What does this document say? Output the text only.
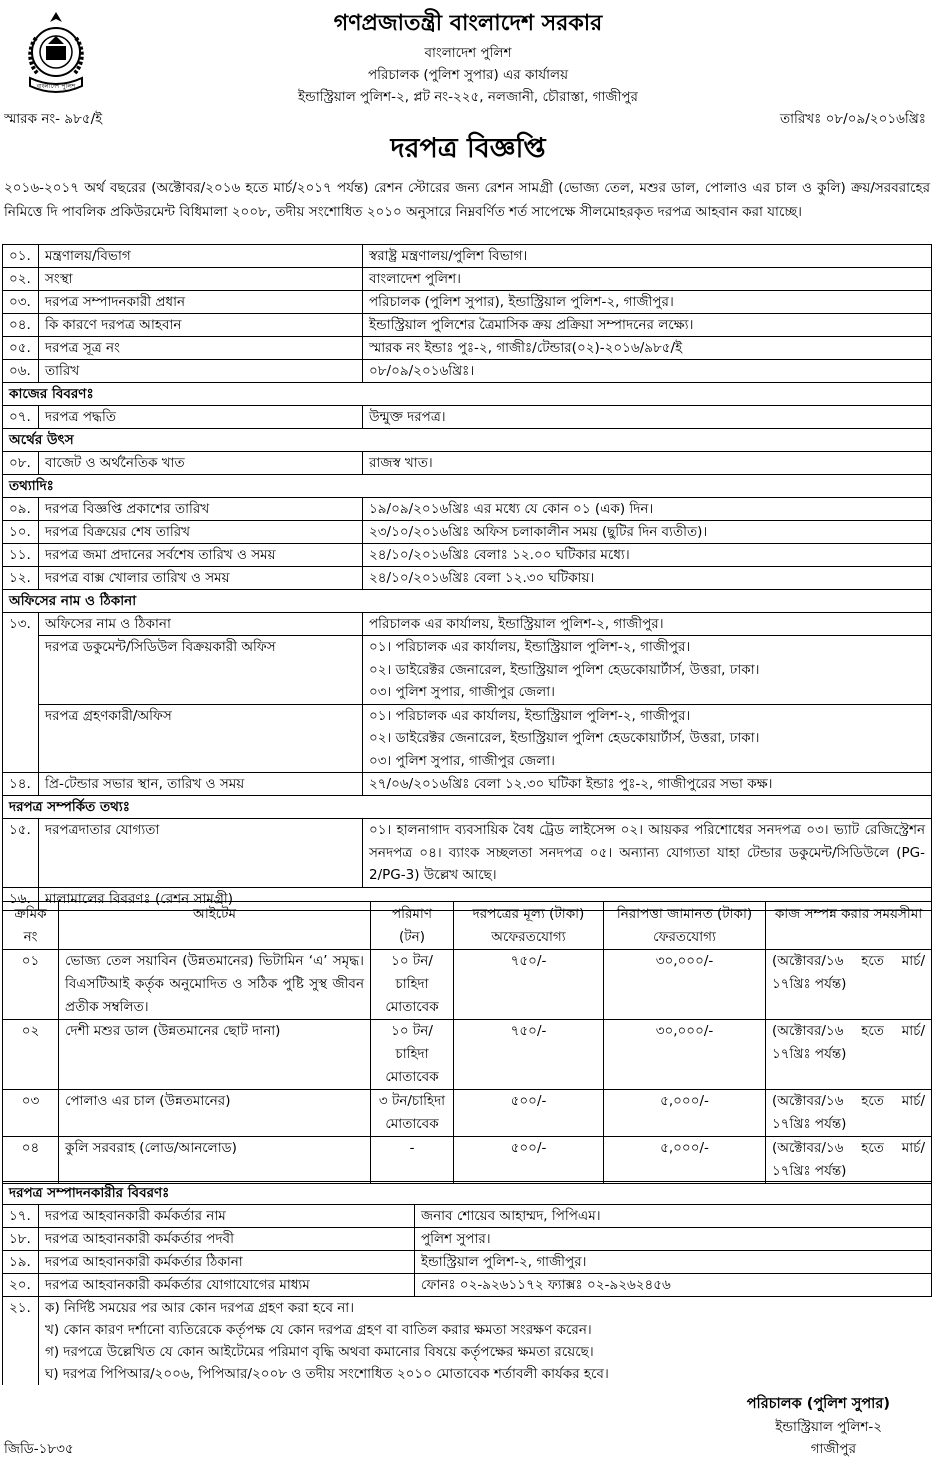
বাংলাদেশ পুলিশ
গণপ্রজাতন্ত্রী বাংলাদেশ সরকার
বাংলাদেশ পুলিশ
পরিচালক (পুলিশ সুপার) এর কার্যালয়
ইন্ডাস্ট্রিয়াল পুলিশ-২, প্লট নং-২২৫, নলজানী, চৌরাস্তা, গাজীপুর
স্মারক নং- ৯৮৫/ই	তারিখঃ ০৮/০৯/২০১৬খ্রিঃ
দরপত্র বিজ্ঞপ্তি
২০১৬-২০১৭ অর্থ বছরের (অক্টোবর/২০১৬ হতে মার্চ/২০১৭ পর্যন্ত) রেশন স্টোরের জন্য রেশন সামগ্রী (ভোজ্য তেল, মশুর ডাল, পোলাও এর চাল ও কুলি) ক্রয়/সরবরাহের নিমিত্তে দি পাবলিক প্রকিউরমেন্ট বিধিমালা ২০০৮, তদীয় সংশোধিত ২০১০ অনুসারে নিম্নবর্ণিত শর্ত সাপেক্ষে সীলমোহরকৃত দরপত্র আহবান করা যাচ্ছে।
০১.	মন্ত্রণালয়/বিভাগ	স্বরাষ্ট্র মন্ত্রণালয়/পুলিশ বিভাগ।
০২.	সংস্থা	বাংলাদেশ পুলিশ।
০৩.	দরপত্র সম্পাদনকারী প্রধান	পরিচালক (পুলিশ সুপার), ইন্ডাস্ট্রিয়াল পুলিশ-২, গাজীপুর।
০৪.	কি কারণে দরপত্র আহবান	ইন্ডাস্ট্রিয়াল পুলিশের ত্রৈমাসিক ক্রয় প্রক্রিয়া সম্পাদনের লক্ষ্যে।
০৫.	দরপত্র সূত্র নং	স্মারক নং ইন্ডাঃ পুঃ-২, গাজীঃ/টেন্ডার(০২)-২০১৬/৯৮৫/ই
০৬.	তারিখ	০৮/০৯/২০১৬খ্রিঃ।
কাজের বিবরণঃ		
০৭.	দরপত্র পদ্ধতি	উন্মুক্ত দরপত্র।
অর্থের উৎস		
০৮.	বাজেট ও অর্থনৈতিক খাত	রাজস্ব খাত।
তথ্যাদিঃ		
০৯.	দরপত্র বিজ্ঞপ্তি প্রকাশের তারিখ	১৯/০৯/২০১৬খ্রিঃ এর মধ্যে যে কোন ০১ (এক) দিন।
১০.	দরপত্র বিক্রয়ের শেষ তারিখ	২৩/১০/২০১৬খ্রিঃ অফিস চলাকালীন সময় (ছুটির দিন ব্যতীত)।
১১.	দরপত্র জমা প্রদানের সর্বশেষ তারিখ ও সময়	২৪/১০/২০১৬খ্রিঃ বেলাঃ ১২.০০ ঘটিকার মধ্যে।
১২.	দরপত্র বাক্স খোলার তারিখ ও সময়	২৪/১০/২০১৬খ্রিঃ বেলা ১২.৩০ ঘটিকায়।
অফিসের নাম ও ঠিকানা		
১৩.	অফিসের নাম ও ঠিকানা	পরিচালক এর কার্যালয়, ইন্ডাস্ট্রিয়াল পুলিশ-২, গাজীপুর।
	দরপত্র ডকুমেন্ট/সিডিউল বিক্রয়কারী অফিস	০১। পরিচালক এর কার্যালয়, ইন্ডাস্ট্রিয়াল পুলিশ-২, গাজীপুর।
০২। ডাইরেক্টর জেনারেল, ইন্ডাস্ট্রিয়াল পুলিশ হেডকোয়ার্টার্স, উত্তরা, ঢাকা।
০৩। পুলিশ সুপার, গাজীপুর জেলা।

	দরপত্র গ্রহণকারী/অফিস	০১। পরিচালক এর কার্যালয়, ইন্ডাস্ট্রিয়াল পুলিশ-২, গাজীপুর।
০২। ডাইরেক্টর জেনারেল, ইন্ডাস্ট্রিয়াল পুলিশ হেডকোয়ার্টার্স, উত্তরা, ঢাকা।
০৩। পুলিশ সুপার, গাজীপুর জেলা।

১৪.	প্রি-টেন্ডার সভার স্থান, তারিখ ও সময়	২৭/০৬/২০১৬খ্রিঃ বেলা ১২.৩০ ঘটিকা ইন্ডাঃ পুঃ-২, গাজীপুরের সভা কক্ষ।
দরপত্র সম্পর্কিত তথ্যঃ		
১৫.	দরপত্রদাতার যোগ্যতা	০১। হালনাগাদ ব্যবসায়িক বৈধ ট্রেড লাইসেন্স ০২। আয়কর পরিশোধের সনদপত্র ০৩। ভ্যাট রেজিস্ট্রেশন সনদপত্র ০৪। ব্যাংক সচ্ছলতা সনদপত্র ০৫। অন্যান্য যোগ্যতা যাহা টেন্ডার ডকুমেন্ট/সিডিউলে (PG-2/PG-3) উল্লেখ আছে।
১৬.	মালামালের বিবরণঃ (রেশন সামগ্রী)	
ক্রমিক নং	আইটেম	পরিমাণ (টন)	দরপত্রের মূল্য (টাকা) অফেরতযোগ্য	নিরাপত্তা জামানত (টাকা) ফেরতযোগ্য	কাজ সম্পন্ন করার সময়সীমা
০১	ভোজ্য তেল সয়াবিন (উন্নতমানের) ভিটামিন ‘এ’ সমৃদ্ধ। বিএসটিআই কর্তৃক অনুমোদিত ও সঠিক পুষ্টি সুস্থ জীবন প্রতীক সম্বলিত।	১০ টন/চাহিদা মোতাবেক	৭৫০/-	৩০,০০০/-	(অক্টোবর/১৬ হতে মার্চ/১৭খ্রিঃ পর্যন্ত)
০২	দেশী মশুর ডাল (উন্নতমানের ছোট দানা)	১০ টন/চাহিদা মোতাবেক	৭৫০/-	৩০,০০০/-	(অক্টোবর/১৬ হতে মার্চ/১৭খ্রিঃ পর্যন্ত)
০৩	পোলাও এর চাল (উন্নতমানের)	৩ টন/চাহিদা মোতাবেক	৫০০/-	৫,০০০/-	(অক্টোবর/১৬ হতে মার্চ/১৭খ্রিঃ পর্যন্ত)
০৪	কুলি সরবরাহ (লোড/আনলোড)	-	৫০০/-	৫,০০০/-	(অক্টোবর/১৬ হতে মার্চ/১৭খ্রিঃ পর্যন্ত)
দরপত্র সম্পাদনকারীর বিবরণঃ		
১৭.	দরপত্র আহবানকারী কর্মকর্তার নাম	জনাব শোয়েব আহাম্মদ, পিপিএম।
১৮.	দরপত্র আহবানকারী কর্মকর্তার পদবী	পুলিশ সুপার।
১৯.	দরপত্র আহবানকারী কর্মকর্তার ঠিকানা	ইন্ডাস্ট্রিয়াল পুলিশ-২, গাজীপুর।
২০.	দরপত্র আহবানকারী কর্মকর্তার যোগাযোগের মাধ্যম	ফোনঃ ০২-৯২৬১১৭২ ফ্যাক্সঃ ০২-৯২৬২৪৫৬
২১.	ক) নির্দিষ্ট সময়ের পর আর কোন দরপত্র গ্রহণ করা হবে না।
খ) কোন কারণ দর্শানো ব্যতিরেকে কর্তৃপক্ষ যে কোন দরপত্র গ্রহণ বা বাতিল করার ক্ষমতা সংরক্ষণ করেন।
গ) দরপত্রে উল্লেখিত যে কোন আইটেমের পরিমাণ বৃদ্ধি অথবা কমানোর বিষয়ে কর্তৃপক্ষের ক্ষমতা রয়েছে।
ঘ) দরপত্র পিপিআর/২০০৬, পিপিআর/২০০৮ ও তদীয় সংশোধিত ২০১০ মোতাবেক শর্তাবলী কার্যকর হবে।	
পরিচালক (পুলিশ সুপার)
ইন্ডাস্ট্রিয়াল পুলিশ-২
গাজীপুর
জিডি-১৮৩৫
